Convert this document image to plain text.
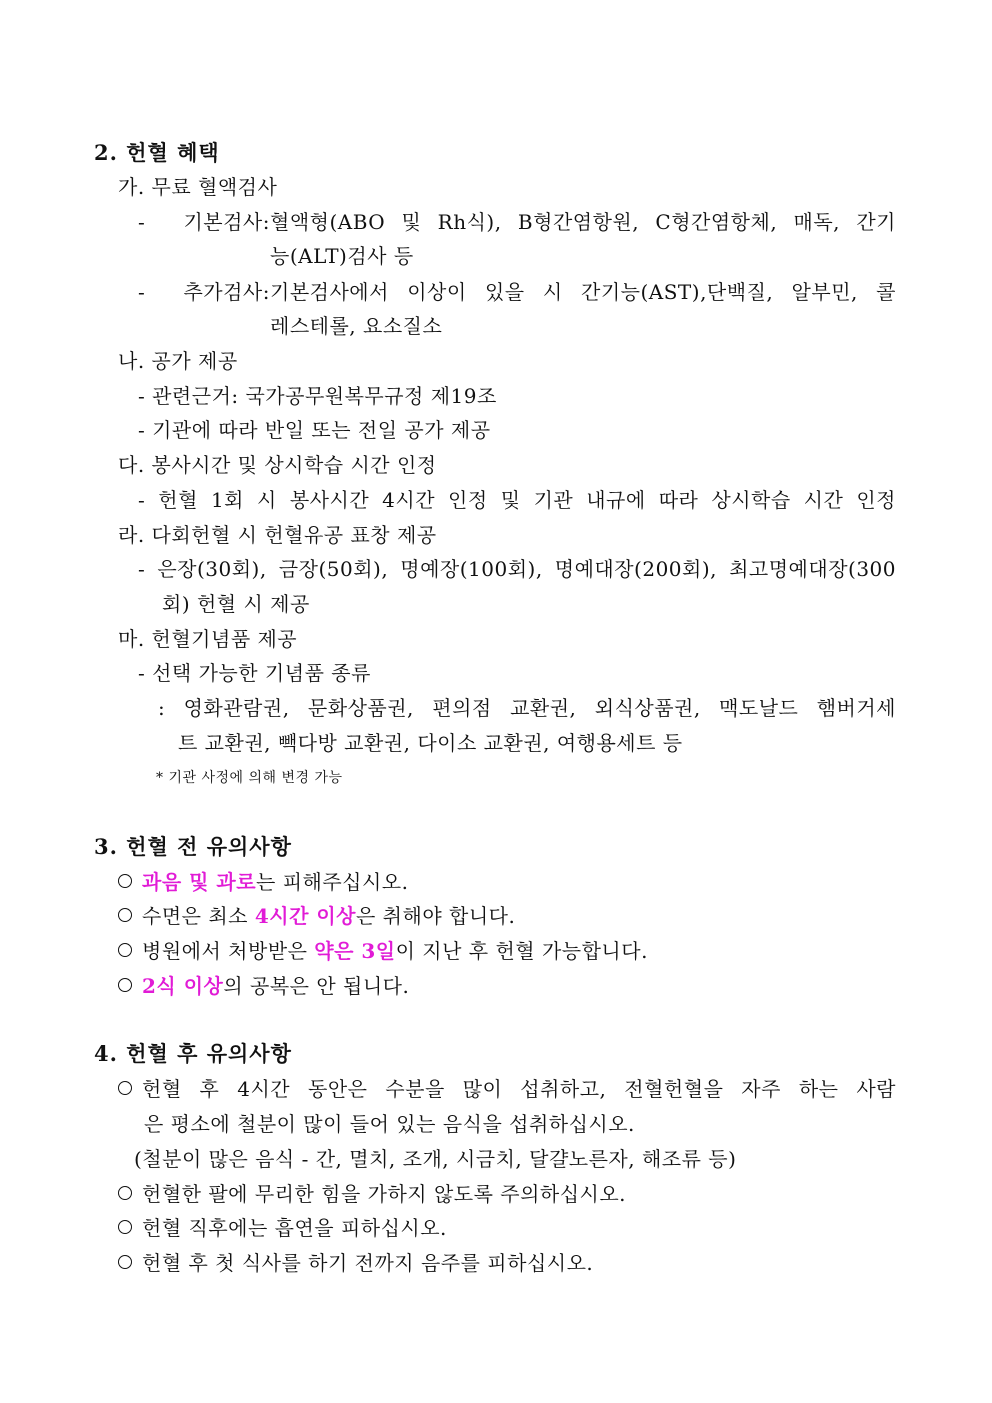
2. 헌혈 혜택
가. 무료 혈액검사
- 기본검사:혈액형(ABO 및 Rh식), B형간염항원, C형간염항체, 매독, 간기
능(ALT)검사 등
- 추가검사:기본검사에서 이상이 있을 시 간기능(AST),단백질, 알부민, 콜
레스테롤, 요소질소
나. 공가 제공
- 관련근거: 국가공무원복무규정 제19조
- 기관에 따라 반일 또는 전일 공가 제공
다. 봉사시간 및 상시학습 시간 인정
- 헌혈 1회 시 봉사시간 4시간 인정 및 기관 내규에 따라 상시학습 시간 인정
라. 다회헌혈 시 헌혈유공 표창 제공
- 은장(30회), 금장(50회), 명예장(100회), 명예대장(200회), 최고명예대장(300
회) 헌혈 시 제공
마. 헌혈기념품 제공
- 선택 가능한 기념품 종류
: 영화관람권, 문화상품권, 편의점 교환권, 외식상품권, 맥도날드 햄버거세
트 교환권, 빽다방 교환권, 다이소 교환권, 여행용세트 등
* 기관 사정에 의해 변경 가능
3. 헌혈 전 유의사항
과음 및 과로는 피해주십시오.
수면은 최소 4시간 이상은 취해야 합니다.
병원에서 처방받은 약은 3일이 지난 후 헌혈 가능합니다.
2식 이상의 공복은 안 됩니다.
4. 헌혈 후 유의사항
헌혈 후 4시간 동안은 수분을 많이 섭취하고, 전혈헌혈을 자주 하는 사람
은 평소에 철분이 많이 들어 있는 음식을 섭취하십시오.
(철분이 많은 음식 - 간, 멸치, 조개, 시금치, 달걀노른자, 해조류 등)
헌혈한 팔에 무리한 힘을 가하지 않도록 주의하십시오.
헌혈 직후에는 흡연을 피하십시오.
헌혈 후 첫 식사를 하기 전까지 음주를 피하십시오.
